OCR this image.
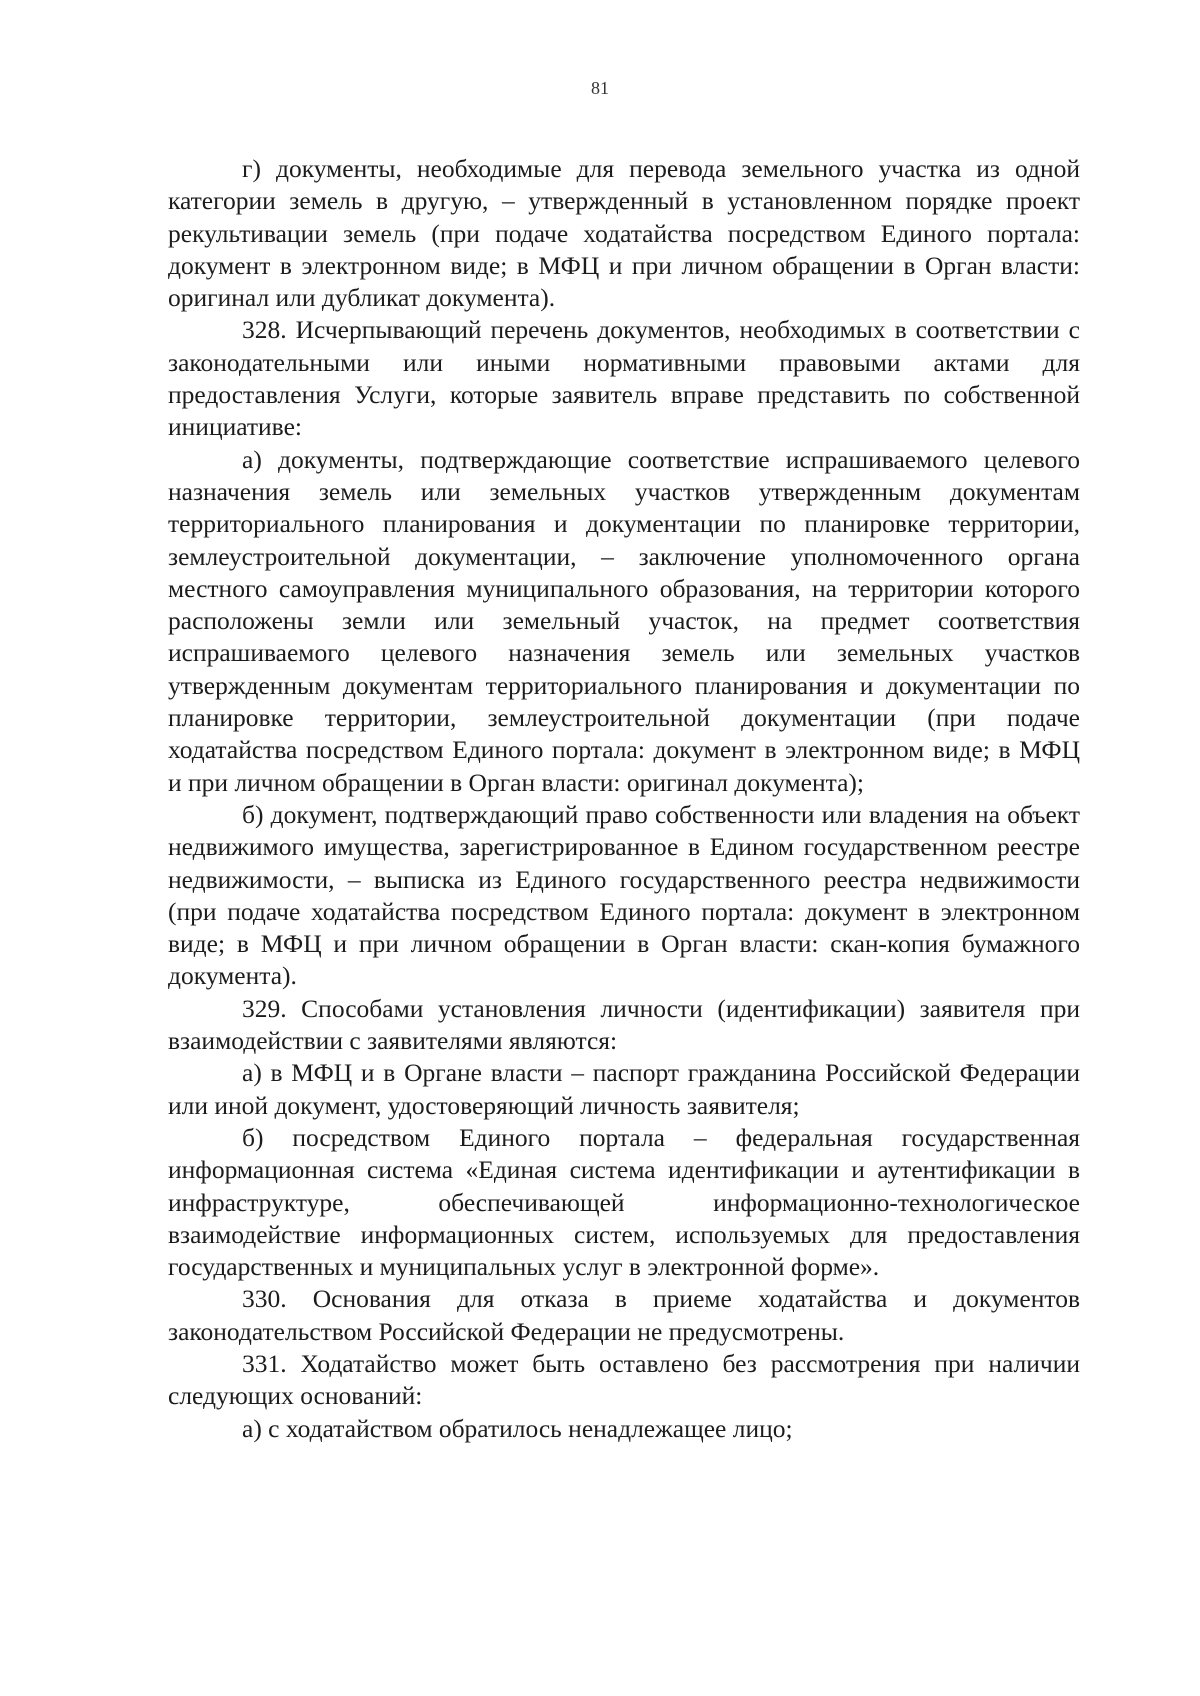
81

г) документы, необходимые для перевода земельного участка из одной категории земель в другую, – утвержденный в установленном порядке проект рекультивации земель (при подаче ходатайства посредством Единого портала: документ в электронном виде; в МФЦ и при личном обращении в Орган власти: оригинал или дубликат документа).

328. Исчерпывающий перечень документов, необходимых в соответствии с законодательными или иными нормативными правовыми актами для предоставления Услуги, которые заявитель вправе представить по собственной инициативе:

а) документы, подтверждающие соответствие испрашиваемого целевого назначения земель или земельных участков утвержденным документам территориального планирования и документации по планировке территории, землеустроительной документации, – заключение уполномоченного органа местного самоуправления муниципального образования, на территории которого расположены земли или земельный участок, на предмет соответствия испрашиваемого целевого назначения земель или земельных участков утвержденным документам территориального планирования и документации по планировке территории, землеустроительной документации (при подаче ходатайства посредством Единого портала: документ в электронном виде; в МФЦ и при личном обращении в Орган власти: оригинал документа);

б) документ, подтверждающий право собственности или владения на объект недвижимого имущества, зарегистрированное в Едином государственном реестре недвижимости, – выписка из Единого государственного реестра недвижимости (при подаче ходатайства посредством Единого портала: документ в электронном виде; в МФЦ и при личном обращении в Орган власти: скан-копия бумажного документа).

329. Способами установления личности (идентификации) заявителя при взаимодействии с заявителями являются:

а) в МФЦ и в Органе власти – паспорт гражданина Российской Федерации или иной документ, удостоверяющий личность заявителя;

б) посредством Единого портала – федеральная государственная информационная система «Единая система идентификации и аутентификации в инфраструктуре, обеспечивающей информационно-технологическое взаимодействие информационных систем, используемых для предоставления государственных и муниципальных услуг в электронной форме».

330. Основания для отказа в приеме ходатайства и документов законодательством Российской Федерации не предусмотрены.

331. Ходатайство может быть оставлено без рассмотрения при наличии следующих оснований:

а) с ходатайством обратилось ненадлежащее лицо;
